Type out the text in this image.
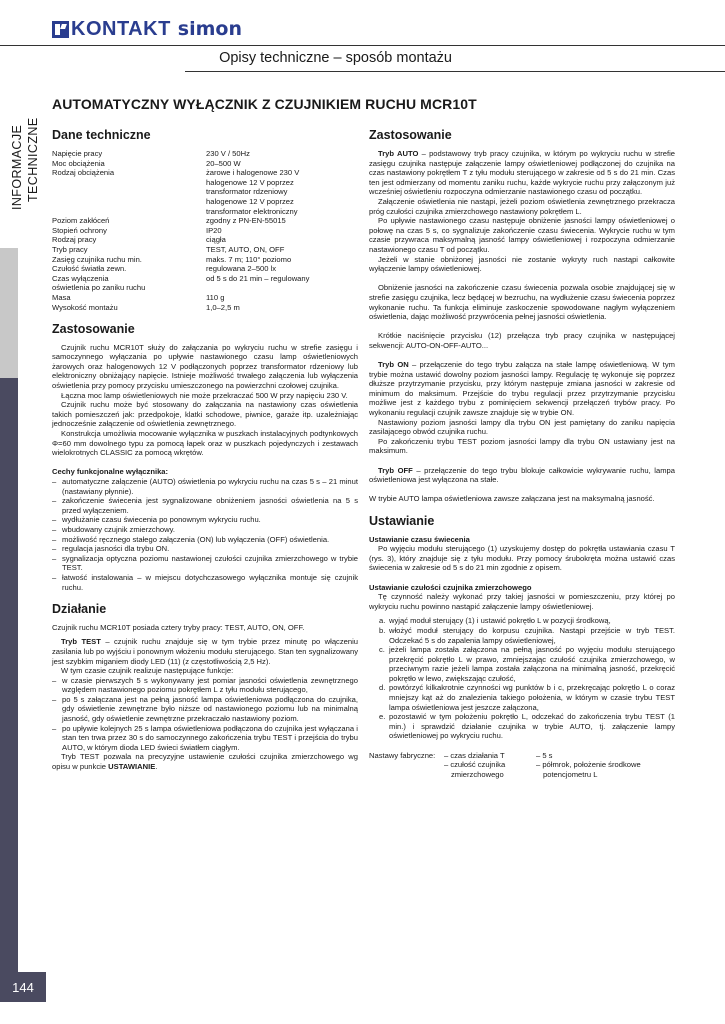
KONTAKT simon
Opisy techniczne – sposób montażu
INFORMACJE TECHNICZNE
144
AUTOMATYCZNY WYŁĄCZNIK Z CZUJNIKIEM RUCHU MCR10T
Dane techniczne
Napięcie pracy	230 V / 50Hz
Moc obciążenia	20–500 W
Rodzaj obciążenia	żarowe i halogenowe 230 V
halogenowe 12 V poprzez
transformator rdzeniowy
halogenowe 12 V poprzez
transformator elektroniczny
Poziom zakłóceń	zgodny z PN-EN-55015
Stopień ochrony	IP20
Rodzaj pracy	ciągła
Tryb pracy	TEST, AUTO, ON, OFF
Zasięg czujnika ruchu min.	maks. 7 m; 110° poziomo
Czułość światła zewn.	regulowana 2–500 lx
Czas wyłączenia	od 5 s do 21 min – regulowany
oświetlenia po zaniku ruchu
Masa	110 g
Wysokość montażu	1,0–2,5 m
Zastosowanie

Czujnik ruchu MCR10T służy do załączania po wykryciu ruchu w strefie zasięgu i samoczynnego wyłączania po upływie nastawionego czasu lamp oświetleniowych żarowych oraz halogenowych 12 V podłączonych poprzez transformator rdzeniowy lub elektroniczny obniżający napięcie. Istnieje możliwość trwałego załączenia lub wyłączenia oświetlenia przy pomocy przycisku umieszczonego na powierzchni czołowej czujnika.

Łączna moc lamp oświetleniowych nie może przekraczać 500 W przy napięciu 230 V.

Czujnik ruchu może być stosowany do załączania na nastawiony czas oświetlenia takich pomieszczeń jak: przedpokoje, klatki schodowe, piwnice, garaże itp. uzależniając jednocześnie załączenie od oświetlenia zewnętrznego.

Konstrukcja umożliwia mocowanie wyłącznika w puszkach instalacyjnych podtynkowych Φ=60 mm dowolnego typu za pomocą łapek oraz w puszkach pojedynczych i zestawach wielokrotnych CLASSIC za pomocą wkrętów.

Cechy funkcjonalne wyłącznika:
– automatyczne załączenie (AUTO) oświetlenia po wykryciu ruchu na czas 5 s – 21 minut (nastawiany płynnie).
– zakończenie świecenia jest sygnalizowane obniżeniem jasności oświetlenia na 5 s przed wyłączeniem.
– wydłużanie czasu świecenia po ponownym wykryciu ruchu.
– wbudowany czujnik zmierzchowy.
– możliwość ręcznego stałego załączenia (ON) lub wyłączenia (OFF) oświetlenia.
– regulacja jasności dla trybu ON.
– sygnalizacja optyczna poziomu nastawionej czułości czujnika zmierzchowego w trybie TEST.
– łatwość instalowania – w miejscu dotychczasowego wyłącznika montuje się czujnik ruchu.
Działanie

Czujnik ruchu MCR10T posiada cztery tryby pracy: TEST, AUTO, ON, OFF.

Tryb TEST – czujnik ruchu znajduje się w tym trybie przez minutę po włączeniu zasilania lub po wyjściu i ponownym włożeniu modułu sterującego. Stan ten sygnalizowany jest szybkim miganiem diody LED (11) (z częstotliwością 2,5 Hz).

W tym czasie czujnik realizuje następujące funkcje:

– w czasie pierwszych 5 s wykonywany jest pomiar jasności oświetlenia zewnętrznego względem nastawionego poziomu pokrętłem L z tyłu modułu sterującego,
– po 5 s załączana jest na pełną jasność lampa oświetleniowa podłączona do czujnika, gdy oświetlenie zewnętrzne było niższe od nastawionego poziomu lub na minimalną jasność, gdy oświetlenie zewnętrzne przekraczało nastawiony poziom.
– po upływie kolejnych 25 s lampa oświetleniowa podłączona do czujnika jest wyłączana i stan ten trwa przez 30 s do samoczynnego zakończenia trybu TEST i przejścia do trybu AUTO, w którym dioda LED świeci światłem ciągłym.

Tryb TEST pozwala na precyzyjne ustawienie czułości czujnika zmierzchowego wg opisu w punkcie USTAWIANIE.

Zastosowanie

Tryb AUTO – podstawowy tryb pracy czujnika, w którym po wykryciu ruchu w strefie zasięgu czujnika następuje załączenie lampy oświetleniowej podłączonej do czujnika na czas nastawiony pokrętłem T z tyłu modułu sterującego w zakresie od 5 s do 21 min. Czas ten jest odmierzany od momentu zaniku ruchu, każde wykrycie ruchu przy załączonym już wcześniej oświetleniu rozpoczyna odmierzanie nastawionego czasu od początku.

Załączenie oświetlenia nie nastąpi, jeżeli poziom oświetlenia zewnętrznego przekracza próg czułości czujnika zmierzchowego nastawiony pokrętłem L.

Po upływie nastawionego czasu następuje obniżenie jasności lampy oświetleniowej o połowę na czas 5 s, co sygnalizuje zakończenie czasu świecenia. Wykrycie ruchu w tym czasie przywraca maksymalną jasność lampy oświetleniowej i rozpoczyna odmierzanie nastawionego czasu T od początku.

Jeżeli w stanie obniżonej jasności nie zostanie wykryty ruch nastąpi całkowite wyłączenie lampy oświetleniowej.

Obniżenie jasności na zakończenie czasu świecenia pozwala osobie znajdującej się w strefie zasięgu czujnika, lecz będącej w bezruchu, na wydłużenie czasu świecenia poprzez wykonanie ruchu. Ta funkcja eliminuje zaskoczenie spowodowane nagłym wyłączeniem oświetlenia, dając możliwość przywrócenia pełnej jasności oświetlenia.

Krótkie naciśnięcie przycisku (12) przełącza tryb pracy czujnika w następującej sekwencji: AUTO-ON-OFF-AUTO...

Tryb ON – przełączenie do tego trybu załącza na stałe lampę oświetleniową. W tym trybie można ustawić dowolny poziom jasności lampy. Regulację tę wykonuje się poprzez dłuższe przytrzymanie przycisku, przy którym następuje zmiana jasności w zakresie od minimum do maksimum. Przejście do trybu regulacji przez przytrzymanie przycisku możliwe jest z każdego trybu z pominięciem sekwencji przełączeń trybów pracy. Po wykonaniu regulacji czujnik zawsze znajduje się w trybie ON.

Nastawiony poziom jasności lampy dla trybu ON jest pamiętany do zaniku napięcia zasilającego obwód czujnika ruchu.

Po zakończeniu trybu TEST poziom jasności lampy dla trybu ON ustawiany jest na maksimum.

Tryb OFF – przełączenie do tego trybu blokuje całkowicie wykrywanie ruchu, lampa oświetleniowa jest wyłączona na stałe.

W trybie AUTO lampa oświetleniowa zawsze załączana jest na maksymalną jasność.

Ustawianie
Ustawianie czasu świecenia

Po wyjęciu modułu sterującego (1) uzyskujemy dostęp do pokrętła ustawiania czasu T (rys. 3), który znajduje się z tyłu modułu. Przy pomocy śrubokręta można ustawić czas świecenia w zakresie od 5 s do 21 min zgodnie z opisem.

Ustawianie czułości czujnika zmierzchowego

Tę czynność należy wykonać przy takiej jasności w pomieszczeniu, przy której po wykryciu ruchu powinno nastąpić załączenie lampy oświetleniowej.

a. wyjąć moduł sterujący (1) i ustawić pokrętło L w pozycji środkową,
b. włożyć moduł sterujący do korpusu czujnika. Nastąpi przejście w tryb TEST. Odczekać 5 s do zapalenia lampy oświetleniowej,
c. jeżeli lampa została załączona na pełną jasność po wyjęciu modułu sterującego przekręcić pokrętło L w prawo, zmniejszając czułość czujnika zmierzchowego, w przeciwnym razie jeżeli lampa została załączona na minimalną jasność, przekręcić pokrętło w lewo, zwiększając czułość,
d. powtórzyć kilkakrotnie czynności wg punktów b i c, przekręcając pokrętło L o coraz mniejszy kąt aż do znalezienia takiego położenia, w którym w czasie trybu TEST lampa oświetleniowa jest jeszcze załączona,
e. pozostawić w tym położeniu pokrętło L, odczekać do zakończenia trybu TEST (1 min.) i sprawdzić działanie czujnika w trybie AUTO, tj. załączenie lampy oświetleniowej po wykryciu ruchu.
Nastawy fabryczne:	– czas działania T	– 5 s
– czułość czujnika	– półmrok, położenie środkowe
zmierzchowego	potencjometru L
